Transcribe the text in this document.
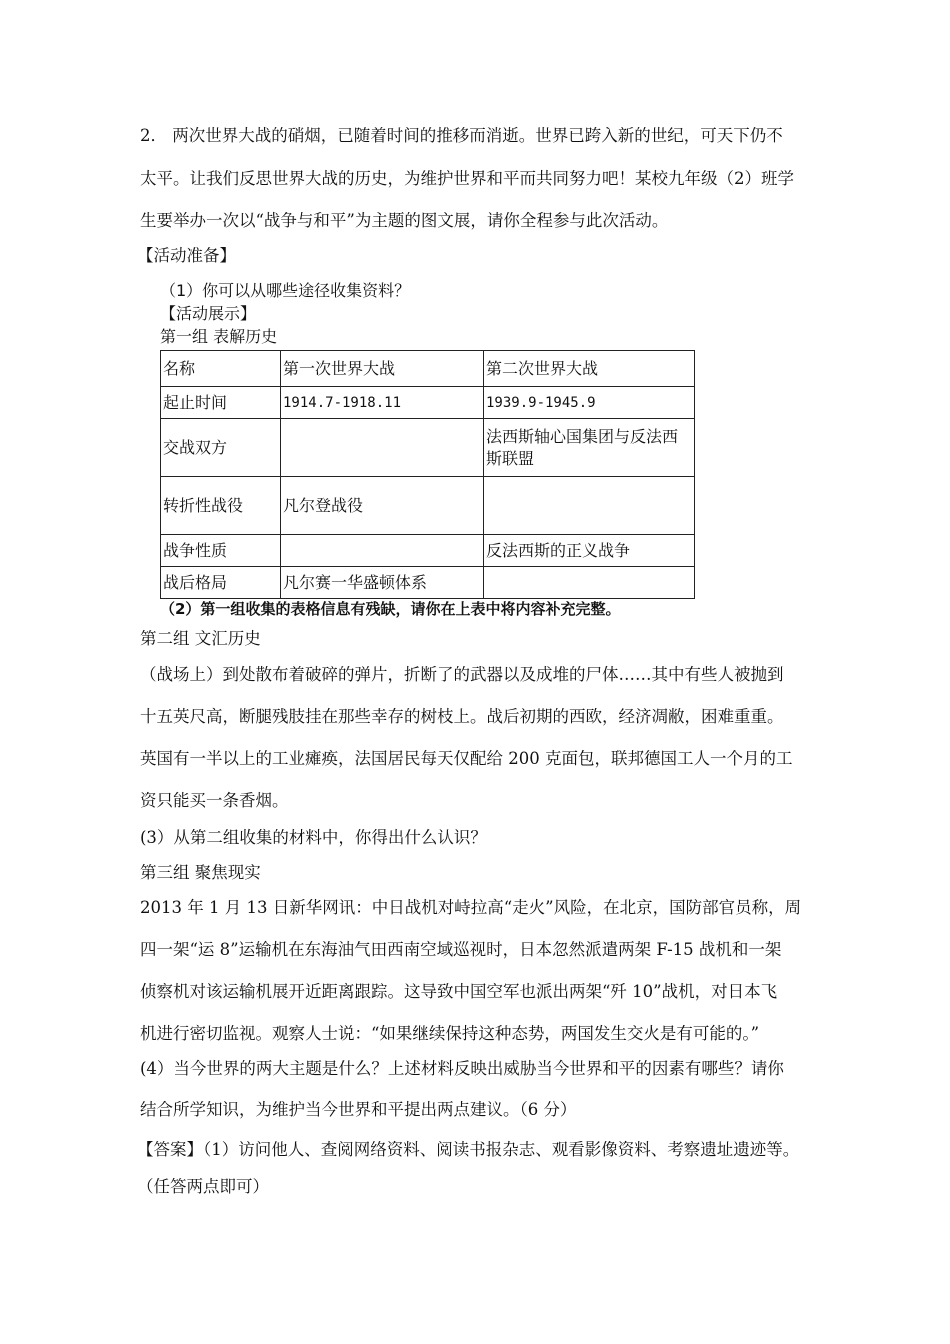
2． 两次世界大战的硝烟，已随着时间的推移而消逝。世界已跨入新的世纪，可天下仍不
太平。让我们反思世界大战的历史，为维护世界和平而共同努力吧！某校九年级（2）班学
生要举办一次以“战争与和平”为主题的图文展，请你全程参与此次活动。
【活动准备】
（1）你可以从哪些途径收集资料？
【活动展示】
第一组 表解历史
名称	第一次世界大战	第二次世界大战
起止时间	1914.7-1918.11	1939.9-1945.9
交战双方		法西斯轴心国集团与反法西
斯联盟
转折性战役	凡尔登战役	
战争性质		反法西斯的正义战争
战后格局	凡尔赛一华盛顿体系	
（2）第一组收集的表格信息有残缺，请你在上表中将内容补充完整。
第二组 文汇历史
（战场上）到处散布着破碎的弹片，折断了的武器以及成堆的尸体……其中有些人被抛到
十五英尺高，断腿残肢挂在那些幸存的树枝上。战后初期的西欧，经济凋敝，困难重重。
英国有一半以上的工业瘫痪，法国居民每天仅配给 200 克面包，联邦德国工人一个月的工
资只能买一条香烟。
(3）从第二组收集的材料中，你得出什么认识？
第三组 聚焦现实
2013 年 1 月 13 日新华网讯：中日战机对峙拉高“走火”风险，在北京，国防部官员称，周
四一架“运 8”运输机在东海油气田西南空域巡视时，日本忽然派遣两架 F-15 战机和一架
侦察机对该运输机展开近距离跟踪。这导致中国空军也派出两架“歼 10”战机，对日本飞
机进行密切监视。观察人士说：“如果继续保持这种态势，两国发生交火是有可能的。”
(4）当今世界的两大主题是什么？上述材料反映出威胁当今世界和平的因素有哪些？请你
结合所学知识，为维护当今世界和平提出两点建议。（6 分）
【答案】（1）访问他人、查阅网络资料、阅读书报杂志、观看影像资料、考察遗址遗迹等。
（任答两点即可）
